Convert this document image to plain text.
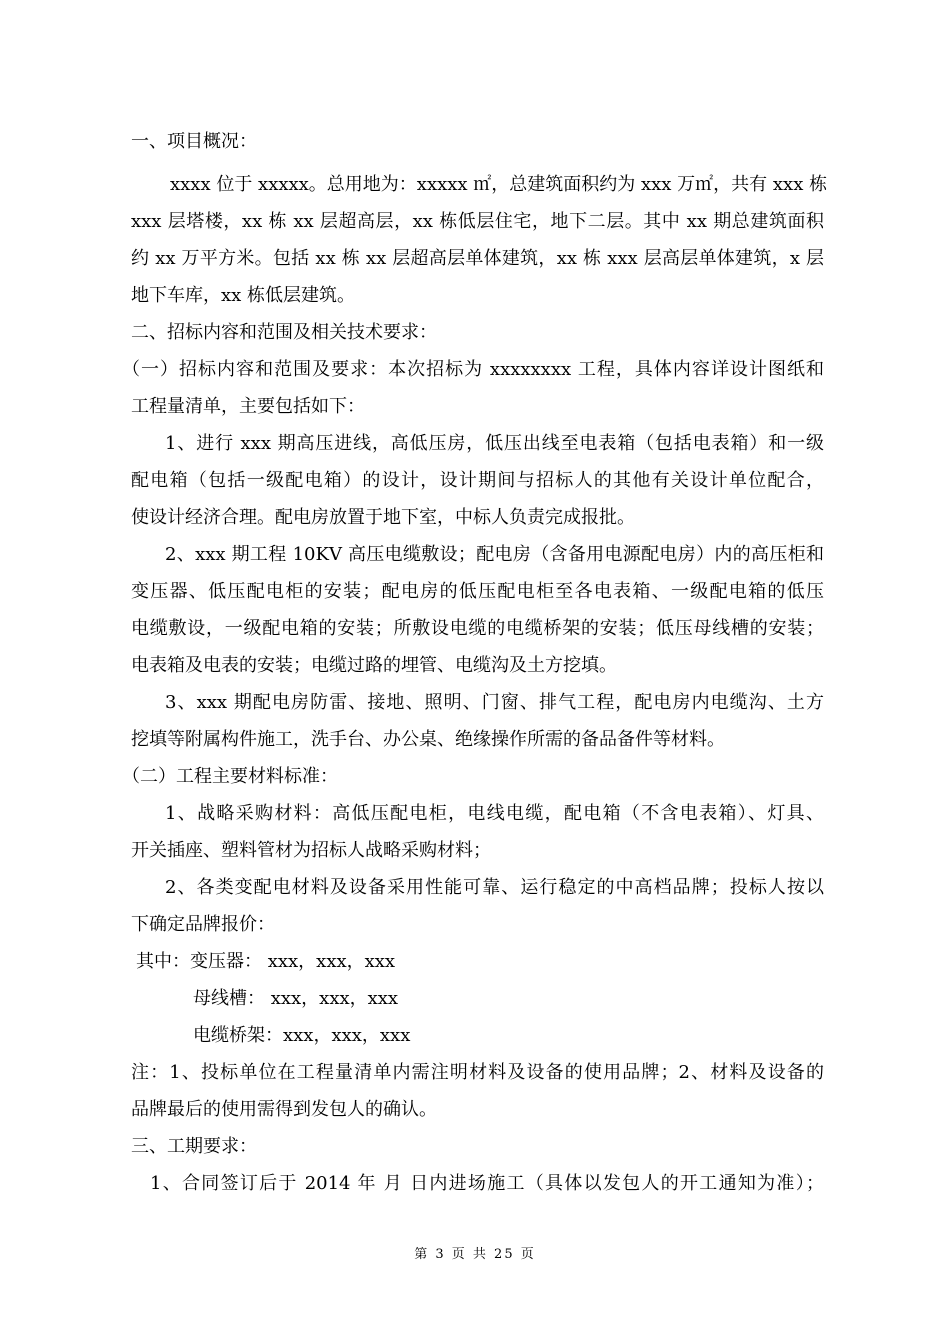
一、项目概况：
xxxx 位于 xxxxx。总用地为：xxxxx ㎡，总建筑面积约为 xxx 万㎡，共有 xxx 栋
xxx 层塔楼，xx 栋 xx 层超高层，xx 栋低层住宅，地下二层。其中 xx 期总建筑面积
约 xx 万平方米。包括 xx 栋 xx 层超高层单体建筑，xx 栋 xxx 层高层单体建筑，x 层
地下车库，xx 栋低层建筑。
二、招标内容和范围及相关技术要求：
（一）招标内容和范围及要求：本次招标为 xxxxxxxx 工程，具体内容详设计图纸和
工程量清单，主要包括如下：
1、进行 xxx 期高压进线，高低压房，低压出线至电表箱（包括电表箱）和一级
配电箱（包括一级配电箱）的设计，设计期间与招标人的其他有关设计单位配合，
使设计经济合理。配电房放置于地下室，中标人负责完成报批。
2、xxx 期工程 10KV 高压电缆敷设；配电房（含备用电源配电房）内的高压柜和
变压器、低压配电柜的安装；配电房的低压配电柜至各电表箱、一级配电箱的低压
电缆敷设，一级配电箱的安装；所敷设电缆的电缆桥架的安装；低压母线槽的安装；
电表箱及电表的安装；电缆过路的埋管、电缆沟及土方挖填。
3、xxx 期配电房防雷、接地、照明、门窗、排气工程，配电房内电缆沟、土方
挖填等附属构件施工，洗手台、办公桌、绝缘操作所需的备品备件等材料。
（二）工程主要材料标准：
1、战略采购材料：高低压配电柜，电线电缆，配电箱（不含电表箱）、灯具、
开关插座、塑料管材为招标人战略采购材料；
2、各类变配电材料及设备采用性能可靠、运行稳定的中高档品牌；投标人按以
下确定品牌报价：
其中：变压器： xxx，xxx，xxx
母线槽： xxx，xxx，xxx
电缆桥架：xxx，xxx，xxx
注：1、投标单位在工程量清单内需注明材料及设备的使用品牌；2、材料及设备的
品牌最后的使用需得到发包人的确认。
三、工期要求：
1、合同签订后于 2014 年 月 日内进场施工（具体以发包人的开工通知为准）；
第 3 页 共 25 页
